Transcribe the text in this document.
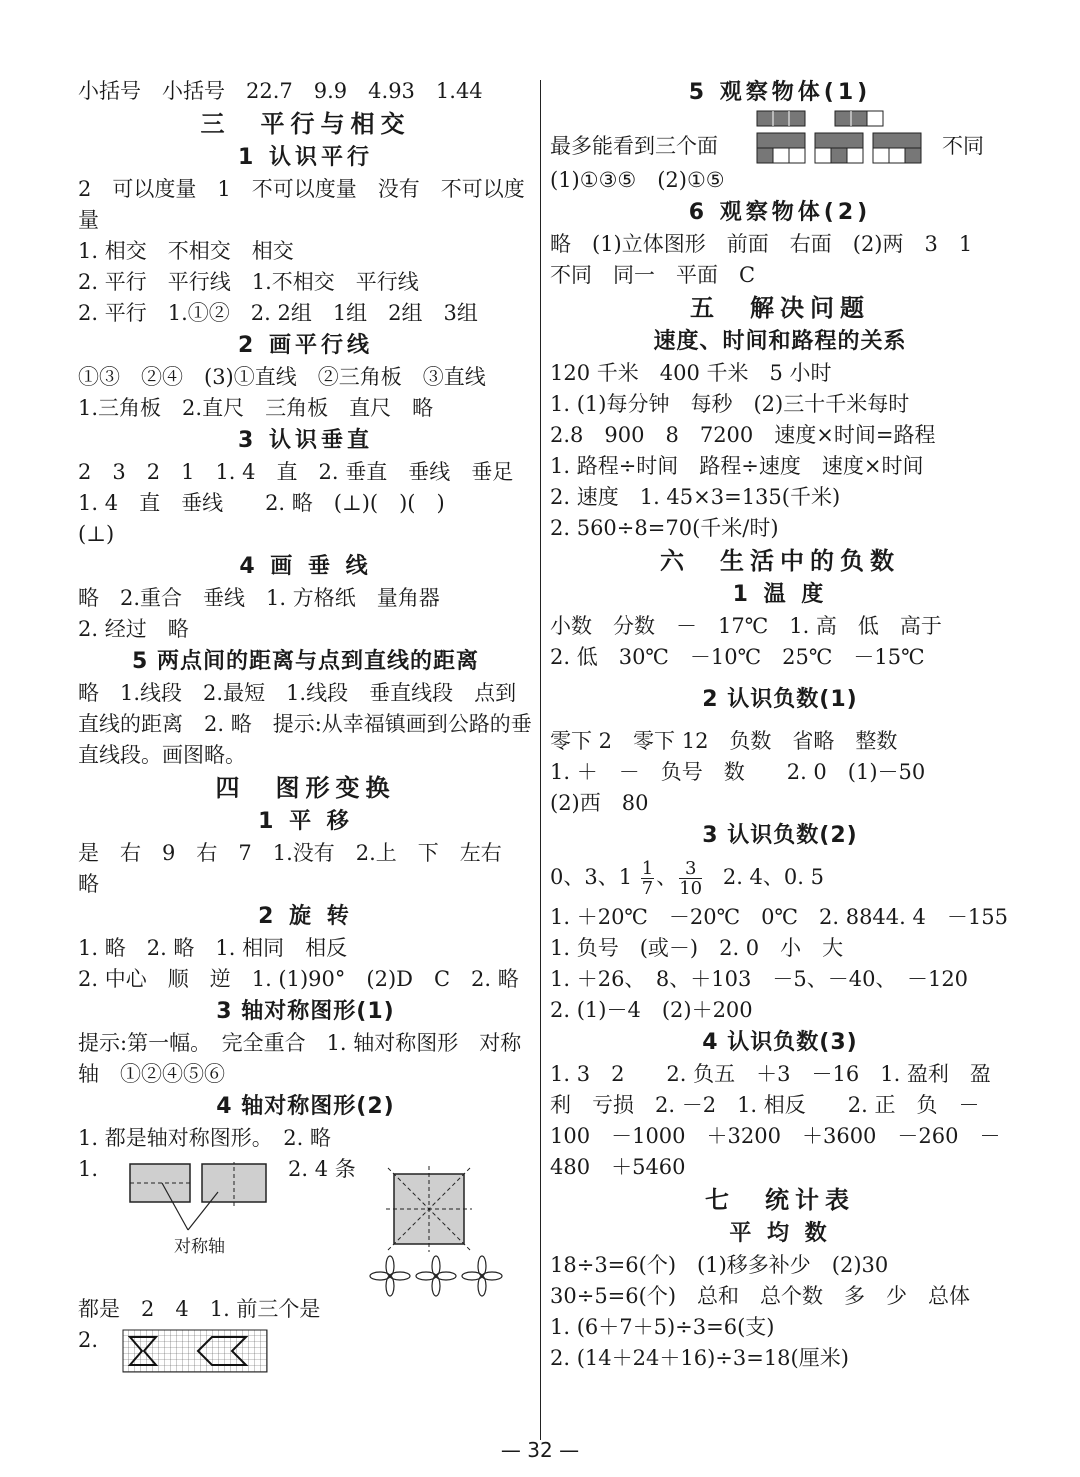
小括号　小括号　22.7　9.9　4.93　1.44
三　平行与相交
1 认识平行
2　可以度量　1　不可以度量　没有　不可以度量
1. 相交　不相交　相交
2. 平行　平行线　1.不相交　平行线
2. 平行　1.①②　2. 2组　1组　2组　3组
2 画平行线
①③　②④　(3)①直线　②三角板　③直线
1.三角板　2.直尺　三角板　直尺　略
3 认识垂直
2　3　2　1　1. 4　直　2. 垂直　垂线　垂足
1. 4　直　垂线　　2. 略　(⊥)(　)(　)
(⊥)
4 画 垂 线
略　2.重合　垂线　1. 方格纸　量角器
2. 经过　略
5 两点间的距离与点到直线的距离
略　1.线段　2.最短　1.线段　垂直线段　点到直线的距离　2. 略　提示:从幸福镇画到公路的垂直线段。画图略。
四　图形变换
1 平 移
是　右　9　右　7　1.没有　2.上　下　左右　略
2 旋 转
1. 略　2. 略　1. 相同　相反
2. 中心　顺　逆　1. (1)90°　(2)D　C　2. 略
3 轴对称图形(1)
提示:第一幅。　完全重合　1. 轴对称图形　对称轴　①②④⑤⑥
4 轴对称图形(2)
1. 都是轴对称图形。　2. 略
1.
对称轴
2. 4 条
都是　2　4　1. 前三个是
2.
5 观察物体(1)
最多能看到三个面	不同
(1)①③⑤　(2)①⑤
6 观察物体(2)
略　(1)立体图形　前面　右面　(2)两　3　1　不同　同一　平面　C
五　解决问题
速度、时间和路程的关系
120 千米　400 千米　5 小时
1. (1)每分钟　每秒　(2)三十千米每时
2.8　900　8　7200　速度×时间=路程
1. 路程÷时间　路程÷速度　速度×时间
2. 速度　1. 45×3=135(千米)
2. 560÷8=70(千米/时)
六　生活中的负数
1 温 度
小数　分数　－　17℃　1. 高　低　高于
2. 低　30℃　－10℃　25℃　－15℃
2 认识负数(1)
零下 2　零下 12　负数　省略　整数
1. ＋　－　负号　数　　2. 0　(1)－50
(2)西　80
3 认识负数(2)
0、3、$1 \frac{1}{7}$ 、 $\frac{3}{10} 2$. 4、0. 5
1. ＋20℃　－20℃　0℃　2. 8844. 4　－155
1. 负号　(或－)　2. 0　小　大
1. ＋26、　8、＋103　－5、－40、　－120
2. (1)－4　(2)＋200
4 认识负数(3)
1. 3　2　　2. 负五　＋3　－16　1. 盈利　盈利　亏损　2. －2　1. 相反　　2. 正　负　－100　－1000　＋3200　＋3600　－260　－480　＋5460
七　统计表
平 均 数
18÷3=6(个)　(1)移多补少　(2)30　30÷5=6(个)　总和　总个数　多　少　总体
1. (6＋7＋5)÷3=6(支)
2. (14＋24＋16)÷3=18(厘米)
— 32 —
